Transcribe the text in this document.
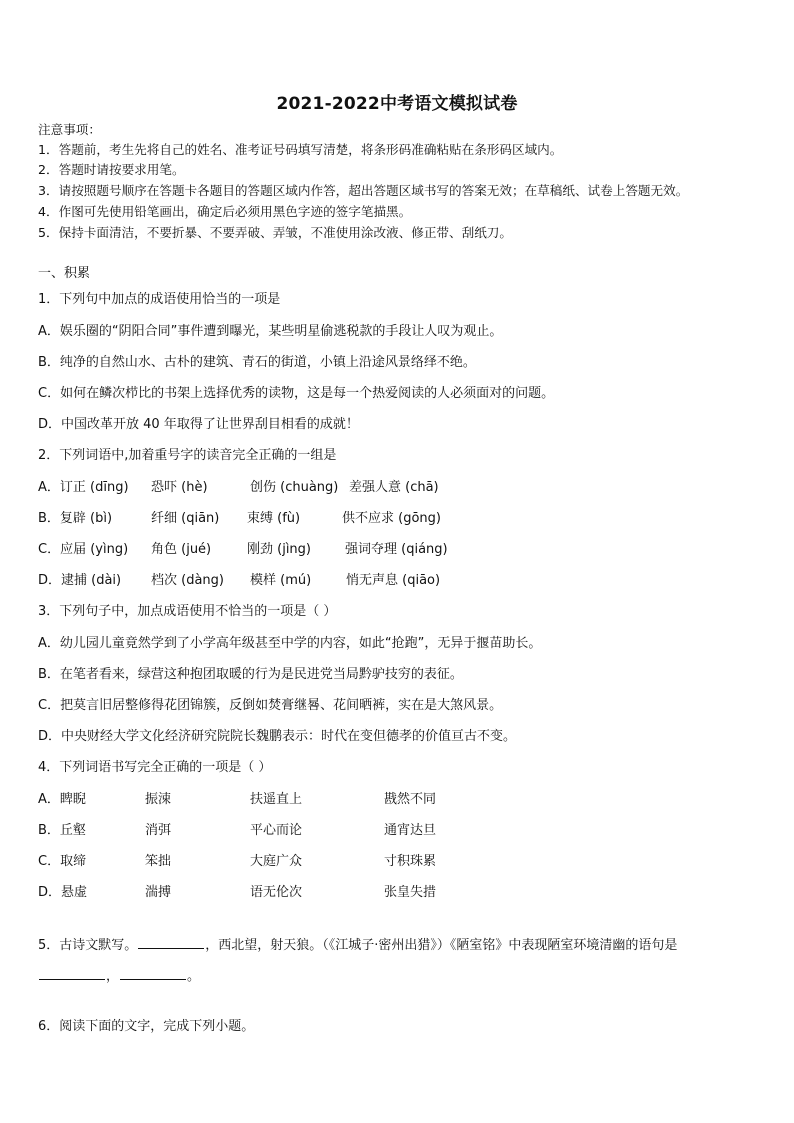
2021-2022中考语文模拟试卷
注意事项：
1．答题前，考生先将自己的姓名、准考证号码填写清楚，将条形码准确粘贴在条形码区域内。
2．答题时请按要求用笔。
3．请按照题号顺序在答题卡各题目的答题区域内作答，超出答题区域书写的答案无效；在草稿纸、试卷上答题无效。
4．作图可先使用铅笔画出，确定后必须用黑色字迹的签字笔描黑。
5．保持卡面清洁，不要折暴、不要弄破、弄皱，不准使用涂改液、修正带、刮纸刀。
一、积累
1．下列句中加点的成语使用恰当的一项是
A．娱乐圈的“阴阳合同”事件遭到曝光，某些明星偷逃税款的手段让人叹为观止。
B．纯净的自然山水、古朴的建筑、青石的街道，小镇上沿途风景络绎不绝。
C．如何在鳞次栉比的书架上选择优秀的读物，这是每一个热爱阅读的人必须面对的问题。
D．中国改革开放 40 年取得了让世界刮目相看的成就！
2．下列词语中,加着重号字的读音完全正确的一组是
A．订正 (dīng) 恐吓 (hè)	创伤 (chuàng) 差强人意 (chā)
B．复辟 (bì)	纤细 (qiān) 束缚 (fù)	供不应求 (gōng)
C．应届 (yìng) 角色 (jué)	刚劲 (jìng)	强词夺理 (qiáng)
D．逮捕 (dài) 档次 (dàng) 模样 (mú)	悄无声息 (qiāo)
3．下列句子中，加点成语使用不恰当的一项是（ ）
A．幼儿园儿童竟然学到了小学高年级甚至中学的内容，如此“抢跑”，无异于揠苗助长。
B．在笔者看来，绿营这种抱团取暖的行为是民进党当局黔驴技穷的表征。
C．把莫言旧居整修得花团锦簇，反倒如焚膏继晷、花间晒裤，实在是大煞风景。
D．中央财经大学文化经济研究院院长魏鹏表示：时代在变但德孝的价值亘古不变。
4．下列词语书写完全正确的一项是（ ）
A．睥睨	振涑	扶遥直上	戡然不同
B．丘壑	消弭	平心而论	通宵达旦
C．取缔	笨拙	大庭广众	寸积珠累
D．悬虚	湍搏	语无伦次	张皇失措
5．古诗文默写。	，西北望，射天狼。（《江城子·密州出猎》）《陋室铭》中表现陋室环境清幽的语句是
，	。
6．阅读下面的文字，完成下列小题。
